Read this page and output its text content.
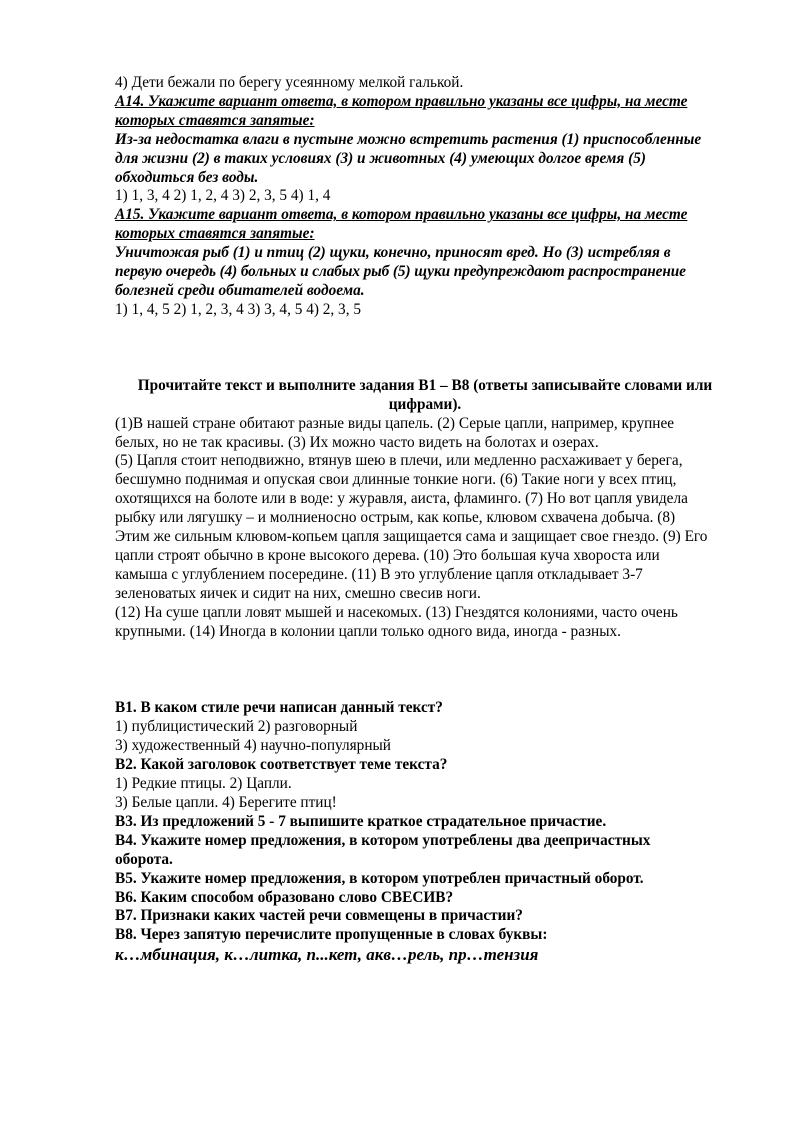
4) Дети бежали по берегу усеянному мелкой галькой.
А14. Укажите вариант ответа, в котором правильно указаны все цифры, на месте
которых ставятся запятые:
Из-за недостатка влаги в пустыне можно встретить растения (1) приспособленные
для жизни (2) в таких условиях (3) и животных (4) умеющих долгое время (5)
обходиться без воды.
1) 1, 3, 4 2) 1, 2, 4 3) 2, 3, 5 4) 1, 4
А15. Укажите вариант ответа, в котором правильно указаны все цифры, на месте
которых ставятся запятые:
Уничтожая рыб (1) и птиц (2) щуки, конечно, приносят вред. Но (3) истребляя в
первую очередь (4) больных и слабых рыб (5) щуки предупреждают распространение
болезней среди обитателей водоема.
1) 1, 4, 5 2) 1, 2, 3, 4 3) 3, 4, 5 4) 2, 3, 5
Прочитайте текст и выполните задания В1 – В8 (ответы записывайте словами или
цифрами).
(1)В нашей стране обитают разные виды цапель. (2) Серые цапли, например, крупнее
белых, но не так красивы. (3) Их можно часто видеть на болотах и озерах.
(5) Цапля стоит неподвижно, втянув шею в плечи, или медленно расхаживает у берега,
бесшумно поднимая и опуская свои длинные тонкие ноги. (6) Такие ноги у всех птиц,
охотящихся на болоте или в воде: у журавля, аиста, фламинго. (7) Но вот цапля увидела
рыбку или лягушку – и молниеносно острым, как копье, клювом схвачена добыча. (8)
Этим же сильным клювом-копьем цапля защищается сама и защищает свое гнездо. (9) Его
цапли строят обычно в кроне высокого дерева. (10) Это большая куча хвороста или
камыша с углублением посередине. (11) В это углубление цапля откладывает 3-7
зеленоватых яичек и сидит на них, смешно свесив ноги.
(12) На суше цапли ловят мышей и насекомых. (13) Гнездятся колониями, часто очень
крупными. (14) Иногда в колонии цапли только одного вида, иногда - разных.
В1. В каком стиле речи написан данный текст?
1) публицистический 2) разговорный
3) художественный 4) научно-популярный
В2. Какой заголовок соответствует теме текста?
1) Редкие птицы. 2) Цапли.
3) Белые цапли. 4) Берегите птиц!
В3. Из предложений 5 - 7 выпишите краткое страдательное причастие.
В4. Укажите номер предложения, в котором употреблены два деепричастных
оборота.
В5. Укажите номер предложения, в котором употреблен причастный оборот.
В6. Каким способом образовано слово СВЕСИВ?
В7. Признаки каких частей речи совмещены в причастии?
В8. Через запятую перечислите пропущенные в словах буквы:
к…мбинация, к…литка, п...кет, акв…рель, пр…тензия
